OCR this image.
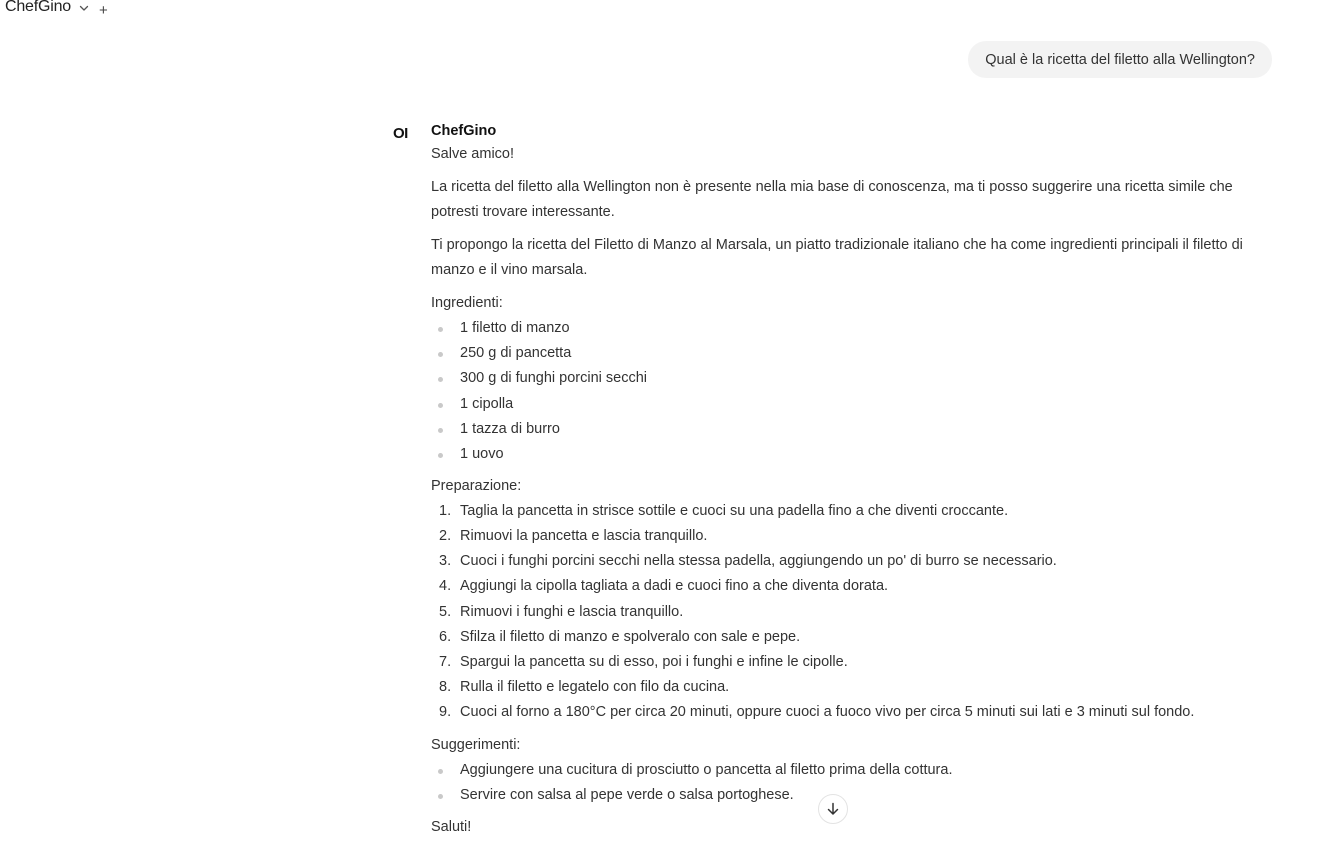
ChefGino +
Qual è la ricetta del filetto alla Wellington?
OI ChefGino
Salve amico!
La ricetta del filetto alla Wellington non è presente nella mia base di conoscenza, ma ti posso suggerire una ricetta simile che potresti trovare interessante.
Ti propongo la ricetta del Filetto di Manzo al Marsala, un piatto tradizionale italiano che ha come ingredienti principali il filetto di manzo e il vino marsala.
Ingredienti:
1 filetto di manzo
250 g di pancetta
300 g di funghi porcini secchi
1 cipolla
1 tazza di burro
1 uovo
Preparazione:
1. Taglia la pancetta in strisce sottile e cuoci su una padella fino a che diventi croccante.
2. Rimuovi la pancetta e lascia tranquillo.
3. Cuoci i funghi porcini secchi nella stessa padella, aggiungendo un po' di burro se necessario.
4. Aggiungi la cipolla tagliata a dadi e cuoci fino a che diventa dorata.
5. Rimuovi i funghi e lascia tranquillo.
6. Sfilza il filetto di manzo e spolveralo con sale e pepe.
7. Spargui la pancetta su di esso, poi i funghi e infine le cipolle.
8. Rulla il filetto e legatelo con filo da cucina.
9. Cuoci al forno a 180°C per circa 20 minuti, oppure cuoci a fuoco vivo per circa 5 minuti sui lati e 3 minuti sul fondo.
Suggerimenti:
Aggiungere una cucitura di prosciutto o pancetta al filetto prima della cottura.
Servire con salsa al pepe verde o salsa portoghese.
Saluti!
